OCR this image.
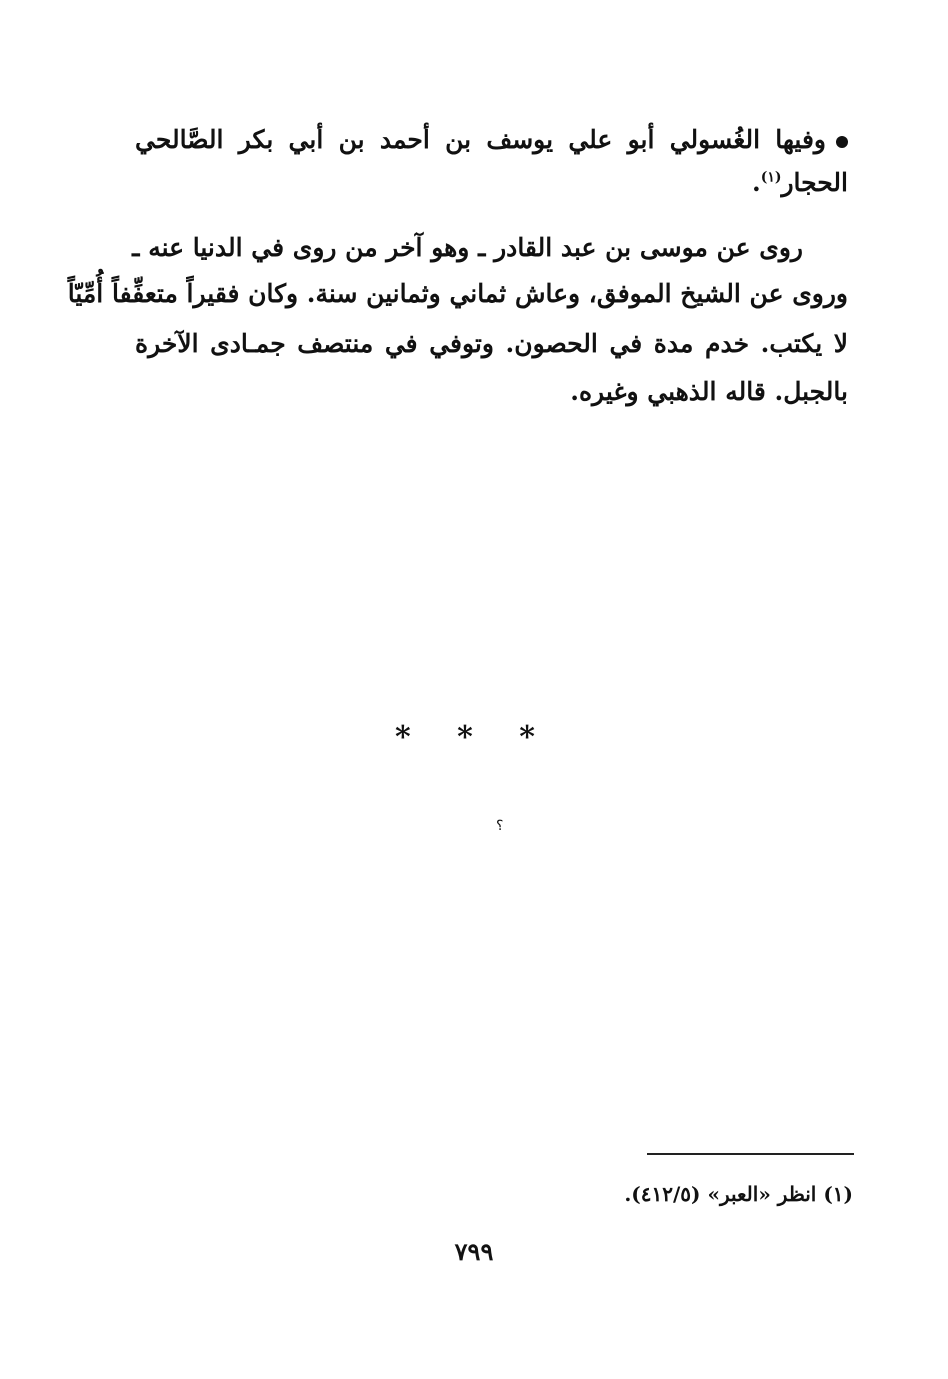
وفيها الغُسولي أبو علي يوسف بن أحمد بن أبي بكر الصَّالحي
الحجار$^{(١)}$.
روى عن موسى بن عبد القادر ـ وهو آخر من روى في الدنيا عنه ـ
وروى عن الشيخ الموفق، وعاش ثماني وثمانين سنة. وكان فقيراً متعفِّفاً أُمِّيّاً
لا يكتب. خدم مدة في الحصون. وتوفي في منتصف جمـادى الآخرة
بالجبل. قاله الذهبي وغيره.
* * *
؟
(١) انظر «العبر» (٤١٢/٥).
٧٩٩
